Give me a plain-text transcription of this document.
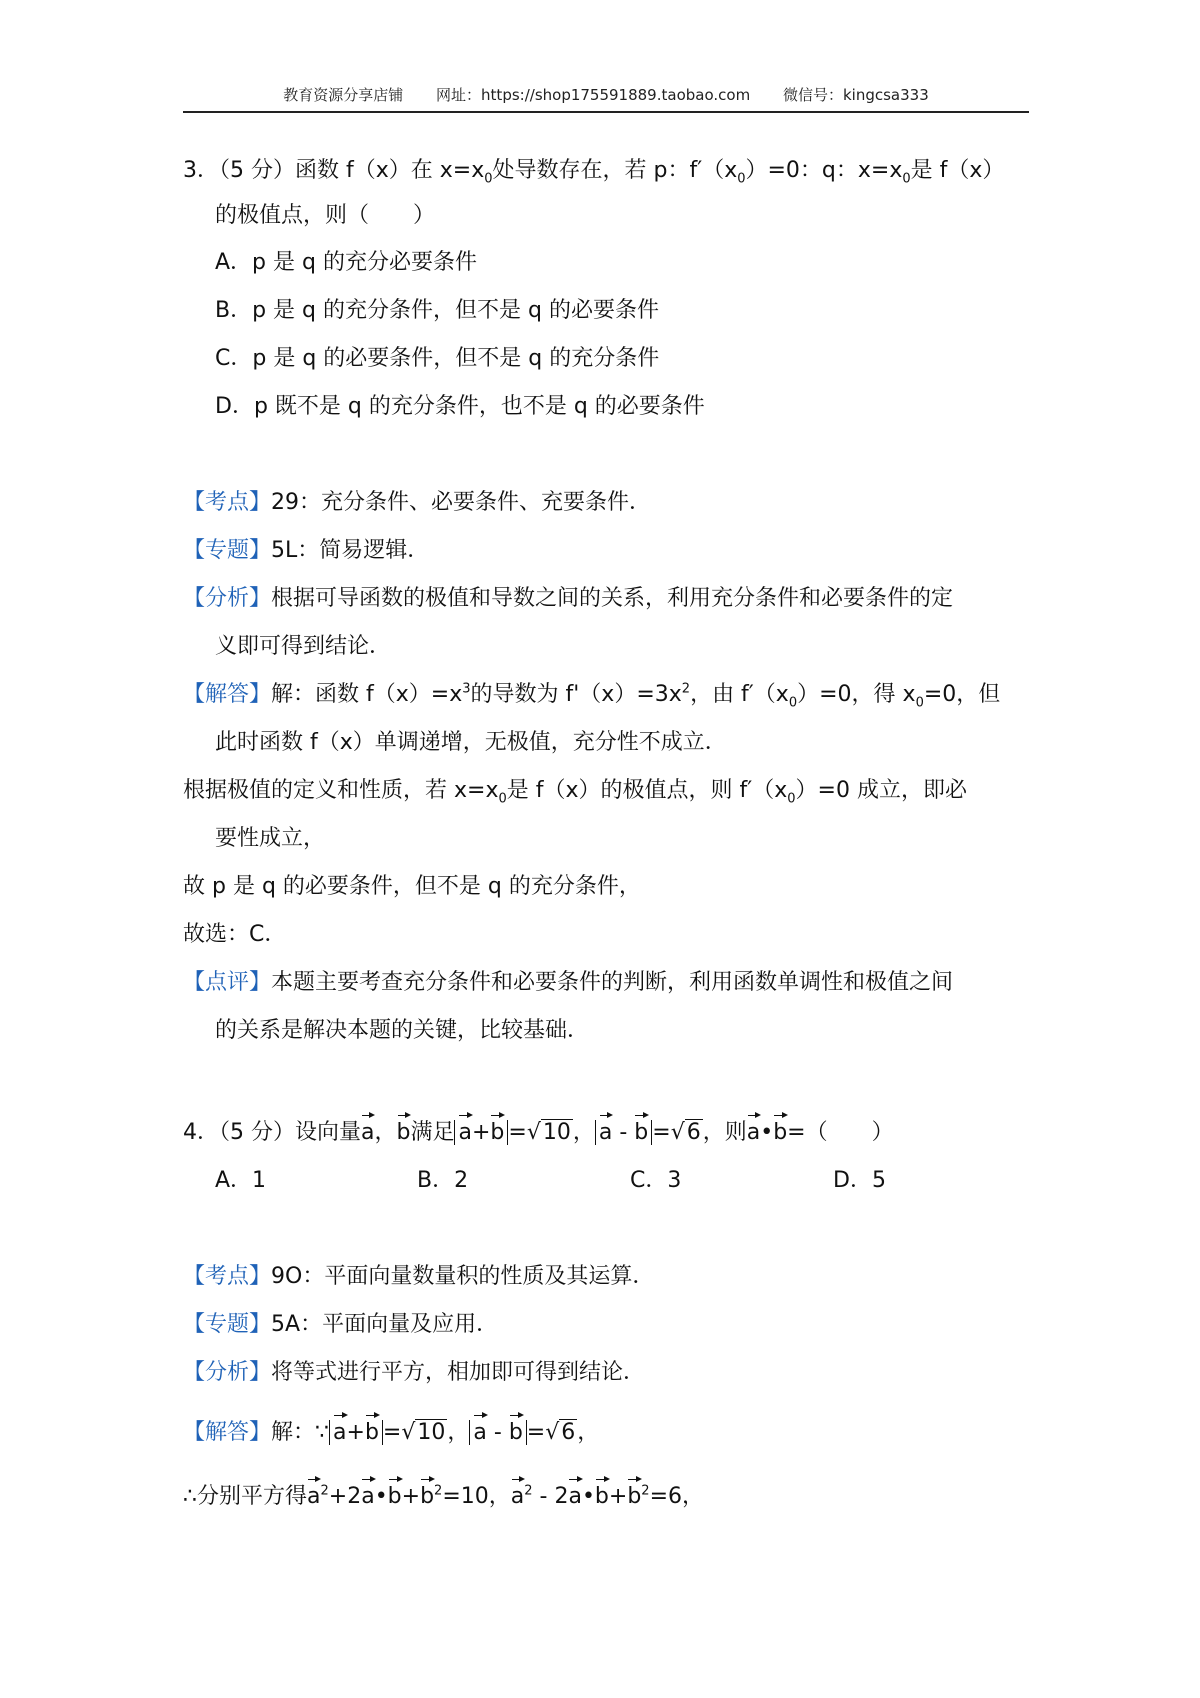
教育资源分享店铺 网址：https://shop175591889.taobao.com 微信号：kingcsa333
3．（5 分）函数 f（x）在 $x=x_0$处导数存在，若 p：$f'(x_0)=0$：q：$x=x_0$是 f（x）
的极值点，则（　　）
A．p 是 q 的充分必要条件
B．p 是 q 的充分条件，但不是 q 的必要条件
C．p 是 q 的必要条件，但不是 q 的充分条件
D．p 既不是 q 的充分条件，也不是 q 的必要条件
【考点】29：充分条件、必要条件、充要条件．
【专题】5L：简易逻辑．
【分析】根据可导函数的极值和导数之间的关系，利用充分条件和必要条件的定
义即可得到结论．
【解答】解：函数 $f(x)=x^3$的导数为 $f'(x)=3x^2$，由 $f'(x_0)=0$，得 $x_0=0$，但
此时函数 f（x）单调递增，无极值，充分性不成立．
根据极值的定义和性质，若 $x=x_0$是 f（x）的极值点，则 $f'(x_0)=0$ 成立，即必
要性成立，
故 p 是 q 的必要条件，但不是 q 的充分条件，
故选：C．
【点评】本题主要考查充分条件和必要条件的判断，利用函数单调性和极值之间
的关系是解决本题的关键，比较基础．
4．（5 分）设向量a，b满足 a+b =√10， a - b =√6，则a•b=（　　）
A．1	B．2	C．3	D．5
【考点】9O：平面向量数量积的性质及其运算．
【专题】5A：平面向量及应用．
【分析】将等式进行平方，相加即可得到结论．
【解答】解：∵ a+b =√10， a - b =√6，
∴分别平方得$a^2+2a•b+b^2=10$，$a^2$ - $2a•b+b^2=6$，
